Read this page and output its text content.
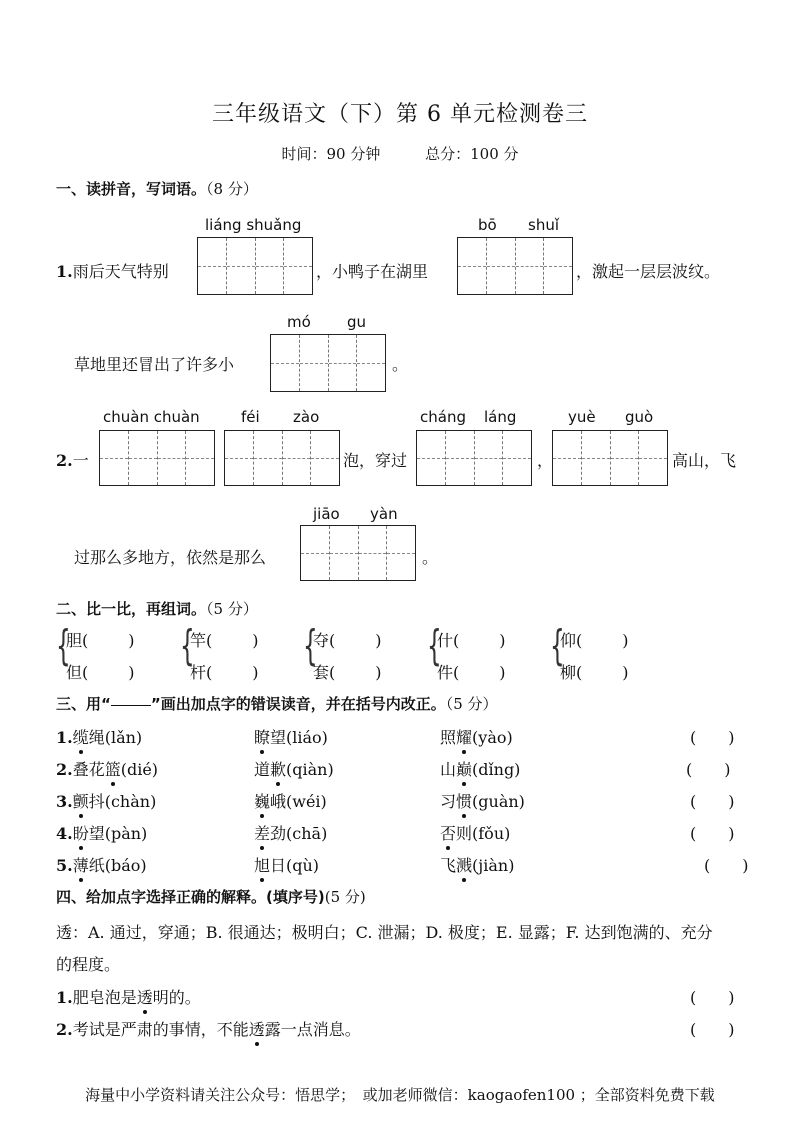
三年级语文（下）第 6 单元检测卷三
时间：90 分钟	总分：100 分
一、读拼音，写词语。（8 分）
1.雨后天气特别
liáng shuǎng
，小鸭子在湖里
bō shuǐ
，激起一层层波纹。
草地里还冒出了许多小
mó gu
。
2.一
chuàn chuàn	féi zào
泡，穿过
cháng láng
，
yuè guò
高山，飞
过那么多地方，依然是那么
jiāo yàn
。
二、比一比，再组词。（5 分）
{
胆(	)
但(	)
{
竿(	)
杆(	)
{
夺(	)
套(	)
{
什(	)
件(	)
{
仰(	)
柳(	)
三、用“	”画出加点字的错误读音，并在括号内改正。（5 分）
1.缆绳(lǎn)	瞭望(liáo)	照耀(yào)	(　　)
2.叠花篮(dié)	道歉(qiàn)	山巅(dǐng)	(　　)
3.颤抖(chàn)	巍峨(wéi)	习惯(guàn)	(　　)
4.盼望(pàn)	差劲(chā)	否则(fǒu)	(　　)
5.薄纸(báo)	旭日(qù)	飞溅(jiàn)	(　　)
四、给加点字选择正确的解释。(填序号)(5 分)
透：A. 通过，穿通；B. 很通达；极明白；C. 泄漏；D. 极度；E. 显露；F. 达到饱满的、充分
的程度。
1.肥皂泡是透明的。	(　　)
2.考试是严肃的事情，不能透露一点消息。	(　　)
海量中小学资料请关注公众号：悟思学；　或加老师微信：kaogaofen100 ；全部资料免费下载
